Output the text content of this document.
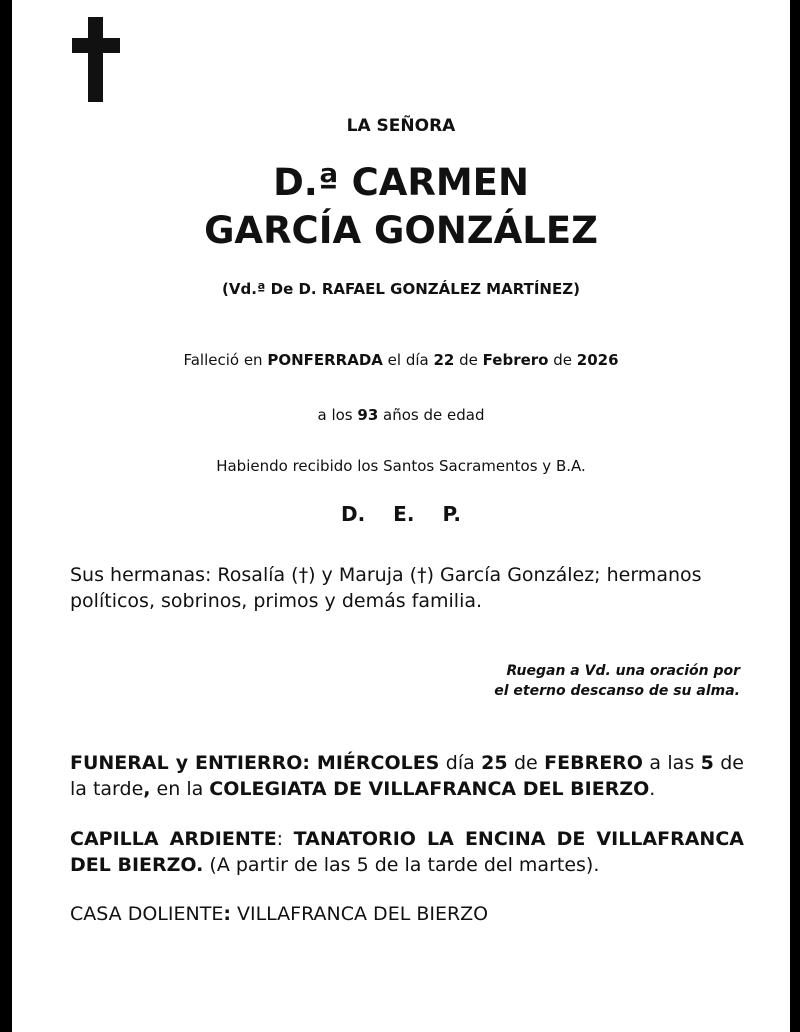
LA SEÑORA
D.ª CARMEN
GARCÍA GONZÁLEZ
(Vd.ª De D. RAFAEL GONZÁLEZ MARTÍNEZ)
Falleció en PONFERRADA el día 22 de Febrero de 2026
a los 93 años de edad
Habiendo recibido los Santos Sacramentos y B.A.
D. E. P.
Sus hermanas: Rosalía (†) y Maruja (†) García González; hermanos políticos, sobrinos, primos y demás familia.
Ruegan a Vd. una oración por
el eterno descanso de su alma.
FUNERAL y ENTIERRO: MIÉRCOLES día 25 de FEBRERO a las 5 de la tarde, en la COLEGIATA DE VILLAFRANCA DEL BIERZO.
CAPILLA ARDIENTE: TANATORIO LA ENCINA DE VILLAFRANCA DEL BIERZO. (A partir de las 5 de la tarde del martes).
CASA DOLIENTE: VILLAFRANCA DEL BIERZO
